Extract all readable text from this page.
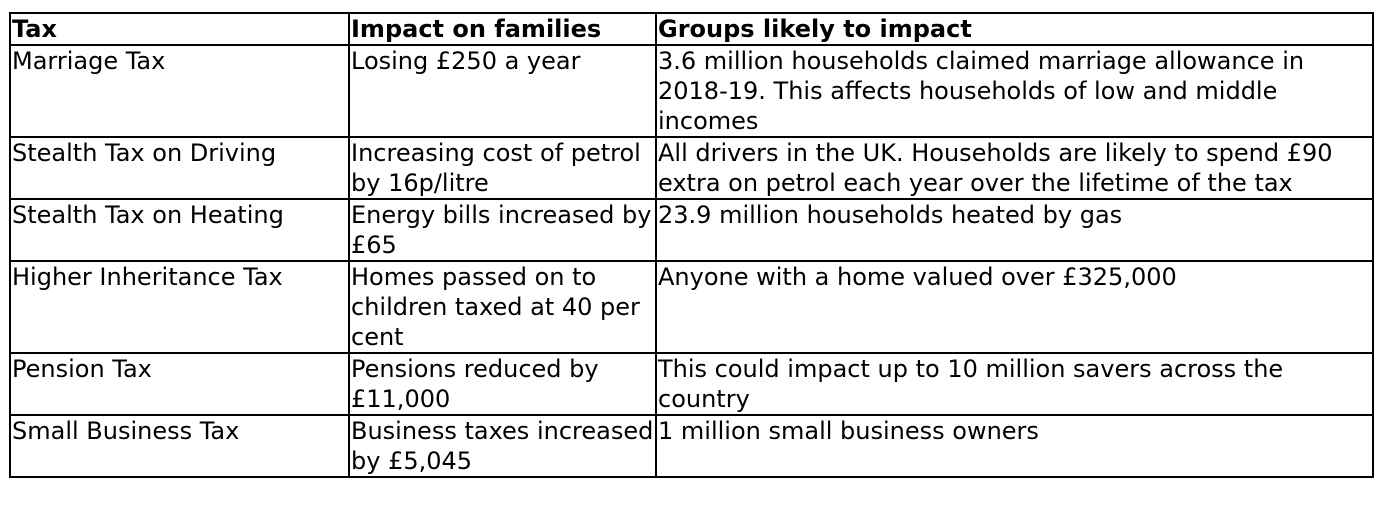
Tax	Impact on families	Groups likely to impact
Marriage Tax	Losing £250 a year	3.6 million households claimed marriage allowance in 2018-19. This affects households of low and middle incomes
Stealth Tax on Driving	Increasing cost of petrol by 16p/litre	All drivers in the UK. Households are likely to spend £90 extra on petrol each year over the lifetime of the tax
Stealth Tax on Heating	Energy bills increased by £65	23.9 million households heated by gas
Higher Inheritance Tax	Homes passed on to children taxed at 40 per cent	Anyone with a home valued over £325,000
Pension Tax	Pensions reduced by £11,000	This could impact up to 10 million savers across the country
Small Business Tax	Business taxes increased by £5,045	1 million small business owners
